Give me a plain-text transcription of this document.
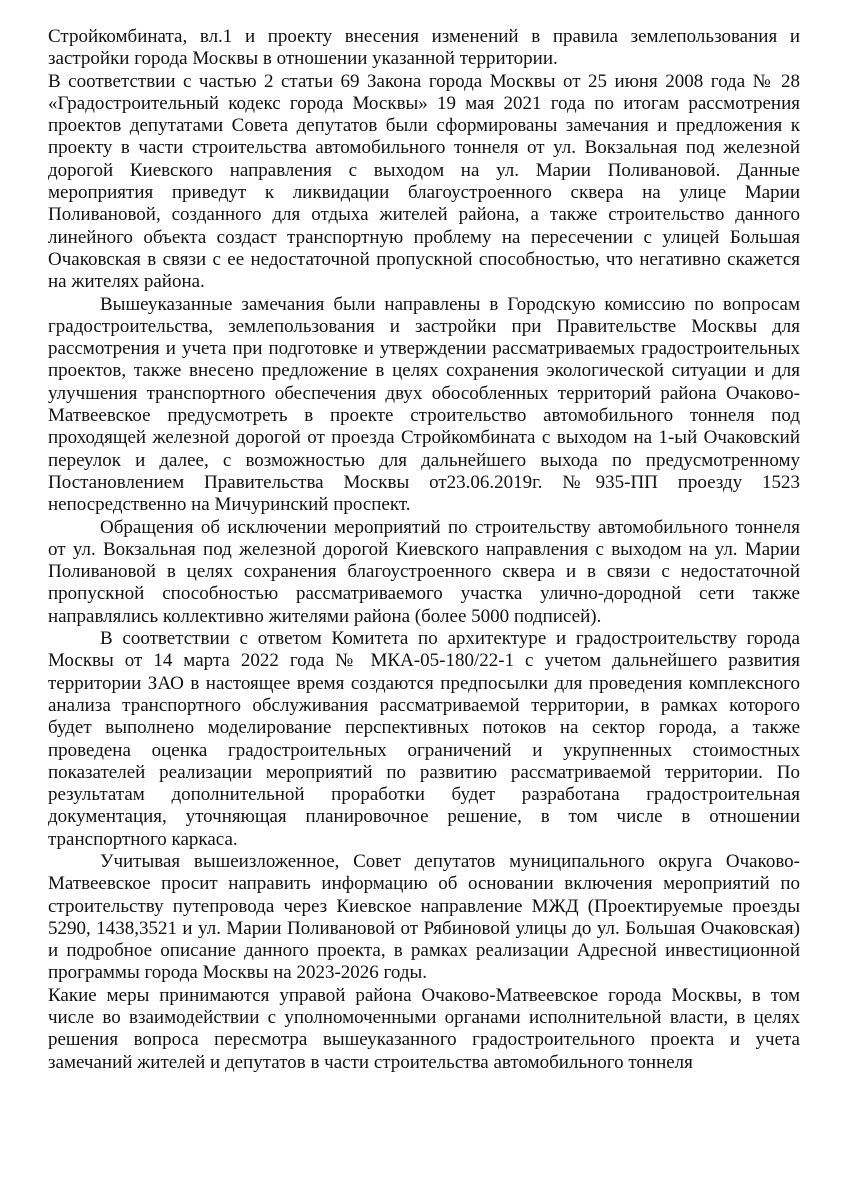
Стройкомбината, вл.1 и проекту внесения изменений в правила землепользования и застройки города Москвы в отношении указанной территории.

В соответствии с частью 2 статьи 69 Закона города Москвы от 25 июня 2008 года № 28 «Градостроительный кодекс города Москвы» 19 мая 2021 года по итогам рассмотрения проектов депутатами Совета депутатов были сформированы замечания и предложения к проекту в части строительства автомобильного тоннеля от ул. Вокзальная под железной дорогой Киевского направления с выходом на ул. Марии Поливановой. Данные мероприятия приведут к ликвидации благоустроенного сквера на улице Марии Поливановой, созданного для отдыха жителей района, а также строительство данного линейного объекта создаст транспортную проблему на пересечении с улицей Большая Очаковская в связи с ее недостаточной пропускной способностью, что негативно скажется на жителях района.

Вышеуказанные замечания были направлены в Городскую комиссию по вопросам градостроительства, землепользования и застройки при Правительстве Москвы для рассмотрения и учета при подготовке и утверждении рассматриваемых градостроительных проектов, также внесено предложение в целях сохранения экологической ситуации и для улучшения транспортного обеспечения двух обособленных территорий района Очаково-Матвеевское предусмотреть в проекте строительство автомобильного тоннеля под проходящей железной дорогой от проезда Стройкомбината с выходом на 1-ый Очаковский переулок и далее, с возможностью для дальнейшего выхода по предусмотренному Постановлением Правительства Москвы от23.06.2019г. №935-ПП проезду 1523 непосредственно на Мичуринский проспект.

Обращения об исключении мероприятий по строительству автомобильного тоннеля от ул. Вокзальная под железной дорогой Киевского направления с выходом на ул. Марии Поливановой в целях сохранения благоустроенного сквера и в связи с недостаточной пропускной способностью рассматриваемого участка улично-дородной сети также направлялись коллективно жителями района (более 5000 подписей).

В соответствии с ответом Комитета по архитектуре и градостроительству города Москвы от 14 марта 2022 года № МКА-05-180/22-1 с учетом дальнейшего развития территории ЗАО в настоящее время создаются предпосылки для проведения комплексного анализа транспортного обслуживания рассматриваемой территории, в рамках которого будет выполнено моделирование перспективных потоков на сектор города, а также проведена оценка градостроительных ограничений и укрупненных стоимостных показателей реализации мероприятий по развитию рассматриваемой территории. По результатам дополнительной проработки будет разработана градостроительная документация, уточняющая планировочное решение, в том числе в отношении транспортного каркаса.

Учитывая вышеизложенное, Совет депутатов муниципального округа Очаково-Матвеевское просит направить информацию об основании включения мероприятий по строительству путепровода через Киевское направление МЖД (Проектируемые проезды 5290, 1438,3521 и ул. Марии Поливановой от Рябиновой улицы до ул. Большая Очаковская) и подробное описание данного проекта, в рамках реализации Адресной инвестиционной программы города Москвы на 2023-2026 годы.

Какие меры принимаются управой района Очаково-Матвеевское города Москвы, в том числе во взаимодействии с уполномоченными органами исполнительной власти, в целях решения вопроса пересмотра вышеуказанного градостроительного проекта и учета замечаний жителей и депутатов в части строительства автомобильного тоннеля
